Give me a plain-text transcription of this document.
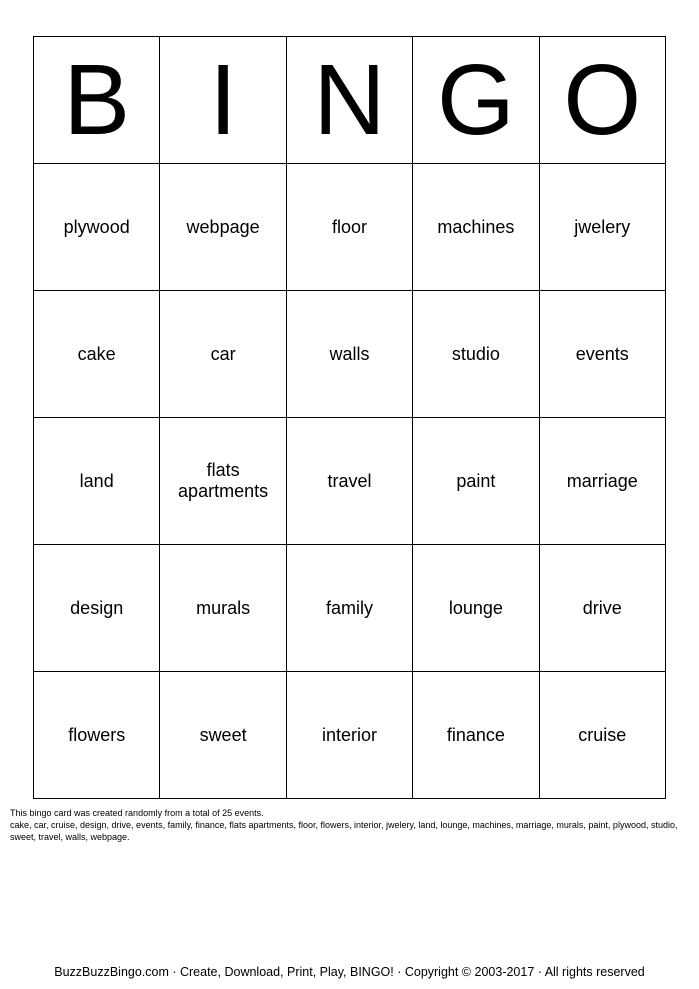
B	I	N	G	O
plywood	webpage	floor	machines	jwelery
cake	car	walls	studio	events
land	flats apartments	travel	paint	marriage
design	murals	family	lounge	drive
flowers	sweet	interior	finance	cruise
This bingo card was created randomly from a total of 25 events.
cake, car, cruise, design, drive, events, family, finance, flats apartments, floor, flowers, interior, jwelery, land, lounge, machines, marriage, murals, paint, plywood, studio, sweet, travel, walls, webpage.
BuzzBuzzBingo.com · Create, Download, Print, Play, BINGO! · Copyright © 2003-2017 · All rights reserved
